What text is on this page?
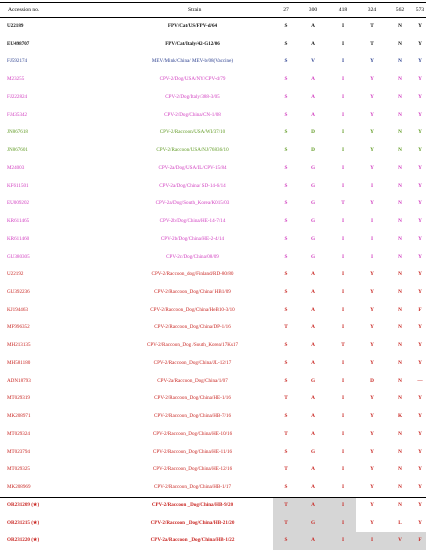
Accession no.	Strain	27	300	418	324	562	573
U22189	FPV/Cat/US/FPV-d/64	S	A	I	T	N	Y
EU498707	FPV/Cat/Italy/42-G12/06	S	A	I	T	N	Y
FJ592174	MEV/Mink/China/ MEV-b/08(Vaccine)	S	V	I	Y	N	Y
M23255	CPV-2/Dog/USA/NY/CPV-d/79	S	A	I	Y	N	Y
FJ222824	CPV-2/Dog/Italy/388-3/05	S	A	I	Y	N	Y
FJ435342	CPV-2/Dog/China/CN-1/08	S	A	I	Y	N	Y
JN867618	CPV-2/Raccoon/USA/WI/37/10	S	D	I	Y	N	Y
JN867601	CPV-2/Raccoon/USA/NJ/76836/10	S	D	I	Y	N	Y
M24003	CPV-2a/Dog/USA/IL/CPV-15/84	S	G	I	Y	N	Y
KF611501	CPV-2a/Dog/China/ SD-14-6/14	S	G	I	I	N	Y
EU009202	CPV-2a/Dog/South_Korea/K015/03	S	G	T	Y	N	Y
KR611465	CPV-2b/Dog/China/HE-14-7/14	S	G	I	I	N	Y
KR611460	CPV-2b/Dog/China/HE-2-4/14	S	G	I	I	N	Y
GU380305	CPV-2c/Dog/China/08/09	S	G	I	I	N	Y
U22192	CPV-2/Raccoon_dog/Finland/RD-80/80	S	A	I	Y	N	Y
GU392236	CPV-2/Raccoon_Dog/China/ HB1/09	S	A	I	Y	N	Y
KJ194463	CPV-2/Raccoon_Dog/China/HeB10-3/10	S	A	I	Y	N	F
MF996352	CPV-2/Raccoon_Dog/China/DP-1/16	T	A	I	Y	N	Y
MH213135	CPV-2/Raccoon_Dog /South_Korea/17Ks17	S	A	T	Y	N	Y
MH581180	CPV-2/Raccoon_Dog/China/JL-12/17	S	A	I	Y	N	Y
ADN18793	CPV-2a/Raccoon_Dog/China/1/07	S	G	I	D	N	—
MT029319	CPV-2/Raccoon_Dog/China/HE-1/16	T	A	I	Y	N	Y
MK208971	CPV-2/Raccoon_Dog/China/HB-7/16	S	A	I	Y	K	Y
MT029324	CPV-2/Raccoon_Dog/China/HE-10/16	T	A	I	Y	N	Y
MT023794	CPV-2/Raccoon_Dog/China/HE-11/16	S	G	I	Y	N	Y
MT029325	CPV-2/Raccoon_Dog/China/HE-12/16	T	A	I	Y	N	Y
MK208969	CPV-2/Raccoon_Dog/China/HB-1/17	S	A	I	Y	N	Y
OR231209 (★)	CPV-2/Raccoon _Dog/China/HB-9/20	T	A	I	Y	N	Y
OR231215 (★)	CPV-2/Raccoon _Dog/China/HB-21/20	T	G	I	Y	L	Y
OR231220 (★)	CPV-2a/Raccoon _Dog/China/HB-1/22	S	A	I	I	V	F
